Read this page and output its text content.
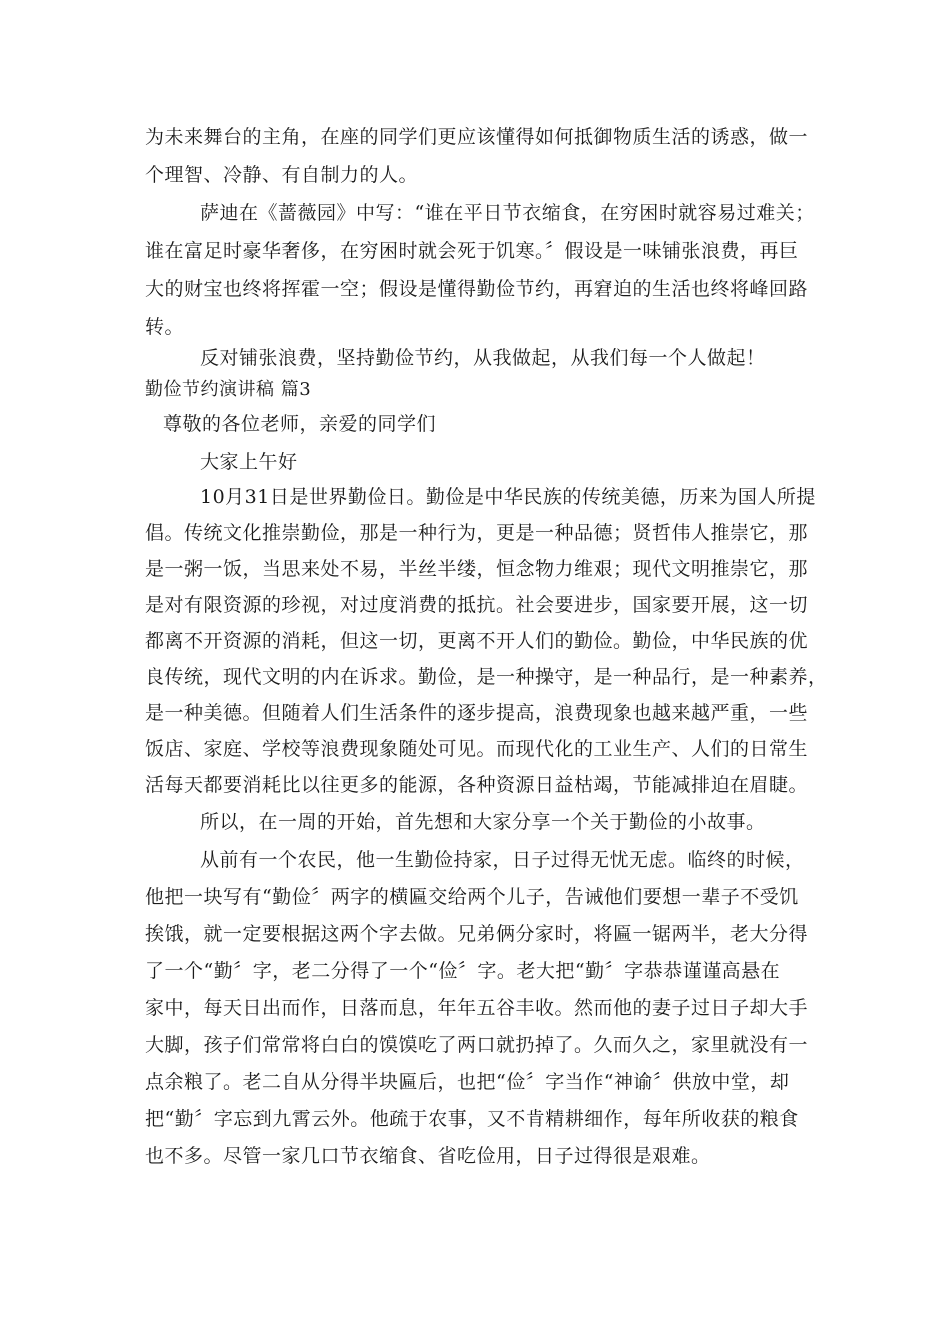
为未来舞台的主角，在座的同学们更应该懂得如何抵御物质生活的诱惑，做一
个理智、冷静、有自制力的人。
萨迪在《蔷薇园》中写：“谁在平日节衣缩食，在穷困时就容易过难关；
谁在富足时豪华奢侈，在穷困时就会死于饥寒。〞假设是一味铺张浪费，再巨
大的财宝也终将挥霍一空；假设是懂得勤俭节约，再窘迫的生活也终将峰回路
转。
反对铺张浪费，坚持勤俭节约，从我做起，从我们每一个人做起！
勤俭节约演讲稿 篇3
尊敬的各位老师，亲爱的同学们
大家上午好
10月31日是世界勤俭日。勤俭是中华民族的传统美德，历来为国人所提
倡。传统文化推崇勤俭，那是一种行为，更是一种品德；贤哲伟人推崇它，那
是一粥一饭，当思来处不易，半丝半缕，恒念物力维艰；现代文明推崇它，那
是对有限资源的珍视，对过度消费的抵抗。社会要进步，国家要开展，这一切
都离不开资源的消耗，但这一切，更离不开人们的勤俭。勤俭，中华民族的优
良传统，现代文明的内在诉求。勤俭，是一种操守，是一种品行，是一种素养，
是一种美德。但随着人们生活条件的逐步提高，浪费现象也越来越严重，一些
饭店、家庭、学校等浪费现象随处可见。而现代化的工业生产、人们的日常生
活每天都要消耗比以往更多的能源，各种资源日益枯竭，节能减排迫在眉睫。
所以，在一周的开始，首先想和大家分享一个关于勤俭的小故事。
从前有一个农民，他一生勤俭持家，日子过得无忧无虑。临终的时候，
他把一块写有“勤俭〞两字的横匾交给两个儿子，告诫他们要想一辈子不受饥
挨饿，就一定要根据这两个字去做。兄弟俩分家时，将匾一锯两半，老大分得
了一个“勤〞字，老二分得了一个“俭〞字。老大把“勤〞字恭恭谨谨高悬在
家中，每天日出而作，日落而息，年年五谷丰收。然而他的妻子过日子却大手
大脚，孩子们常常将白白的馍馍吃了两口就扔掉了。久而久之，家里就没有一
点余粮了。老二自从分得半块匾后，也把“俭〞字当作“神谕〞供放中堂，却
把“勤〞字忘到九霄云外。他疏于农事，又不肯精耕细作，每年所收获的粮食
也不多。尽管一家几口节衣缩食、省吃俭用，日子过得很是艰难。
